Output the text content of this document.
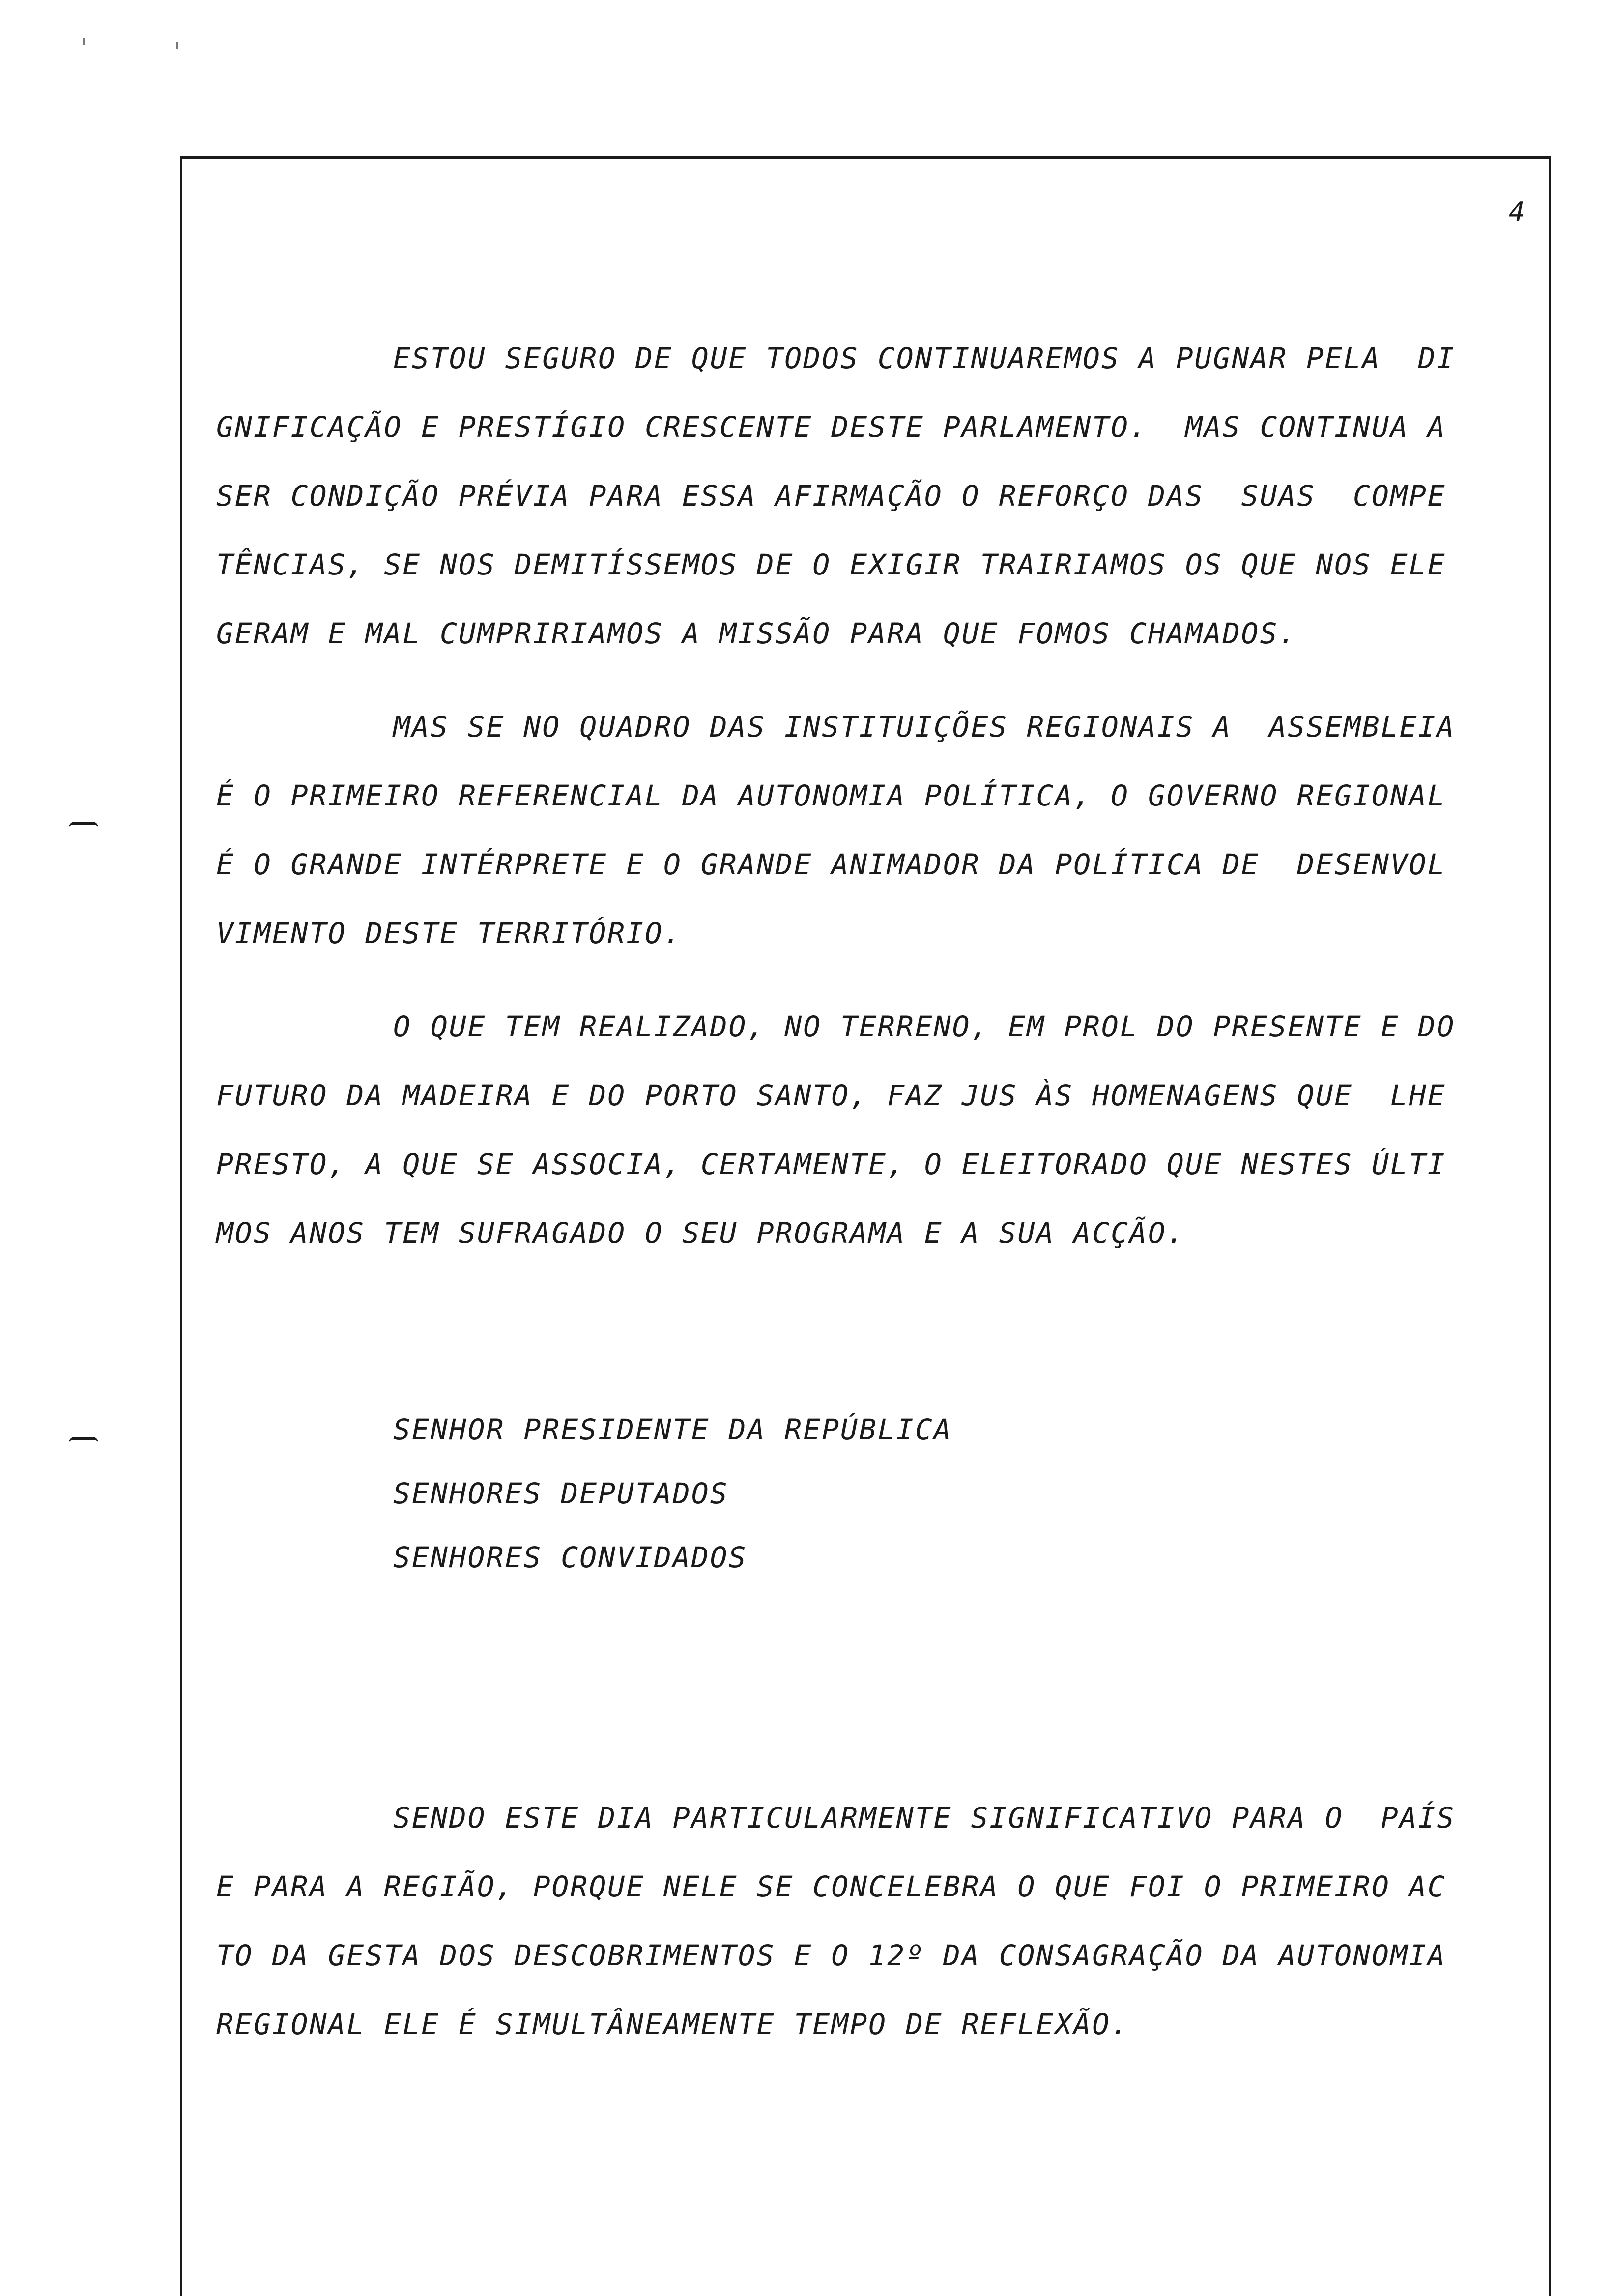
4
ESTOU SEGURO DE QUE TODOS CONTINUAREMOS A PUGNAR PELA  DI
GNIFICAÇÃO E PRESTÍGIO CRESCENTE DESTE PARLAMENTO.  MAS CONTINUA A
SER CONDIÇÃO PRÉVIA PARA ESSA AFIRMAÇÃO O REFORÇO DAS  SUAS  COMPE
TÊNCIAS, SE NOS DEMITÍSSEMOS DE O EXIGIR TRAIRIAMOS OS QUE NOS ELE
GERAM E MAL CUMPRIRIAMOS A MISSÃO PARA QUE FOMOS CHAMADOS.
MAS SE NO QUADRO DAS INSTITUIÇÕES REGIONAIS A  ASSEMBLEIA
É O PRIMEIRO REFERENCIAL DA AUTONOMIA POLÍTICA, O GOVERNO REGIONAL
É O GRANDE INTÉRPRETE E O GRANDE ANIMADOR DA POLÍTICA DE  DESENVOL
VIMENTO DESTE TERRITÓRIO.
O QUE TEM REALIZADO, NO TERRENO, EM PROL DO PRESENTE E DO
FUTURO DA MADEIRA E DO PORTO SANTO, FAZ JUS ÀS HOMENAGENS QUE  LHE
PRESTO, A QUE SE ASSOCIA, CERTAMENTE, O ELEITORADO QUE NESTES ÚLTI
MOS ANOS TEM SUFRAGADO O SEU PROGRAMA E A SUA ACÇÃO.
SENHOR PRESIDENTE DA REPÚBLICA
SENHORES DEPUTADOS
SENHORES CONVIDADOS
SENDO ESTE DIA PARTICULARMENTE SIGNIFICATIVO PARA O  PAÍS
E PARA A REGIÃO, PORQUE NELE SE CONCELEBRA O QUE FOI O PRIMEIRO AC
TO DA GESTA DOS DESCOBRIMENTOS E O 12º DA CONSAGRAÇÃO DA AUTONOMIA
REGIONAL ELE É SIMULTÂNEAMENTE TEMPO DE REFLEXÃO.
